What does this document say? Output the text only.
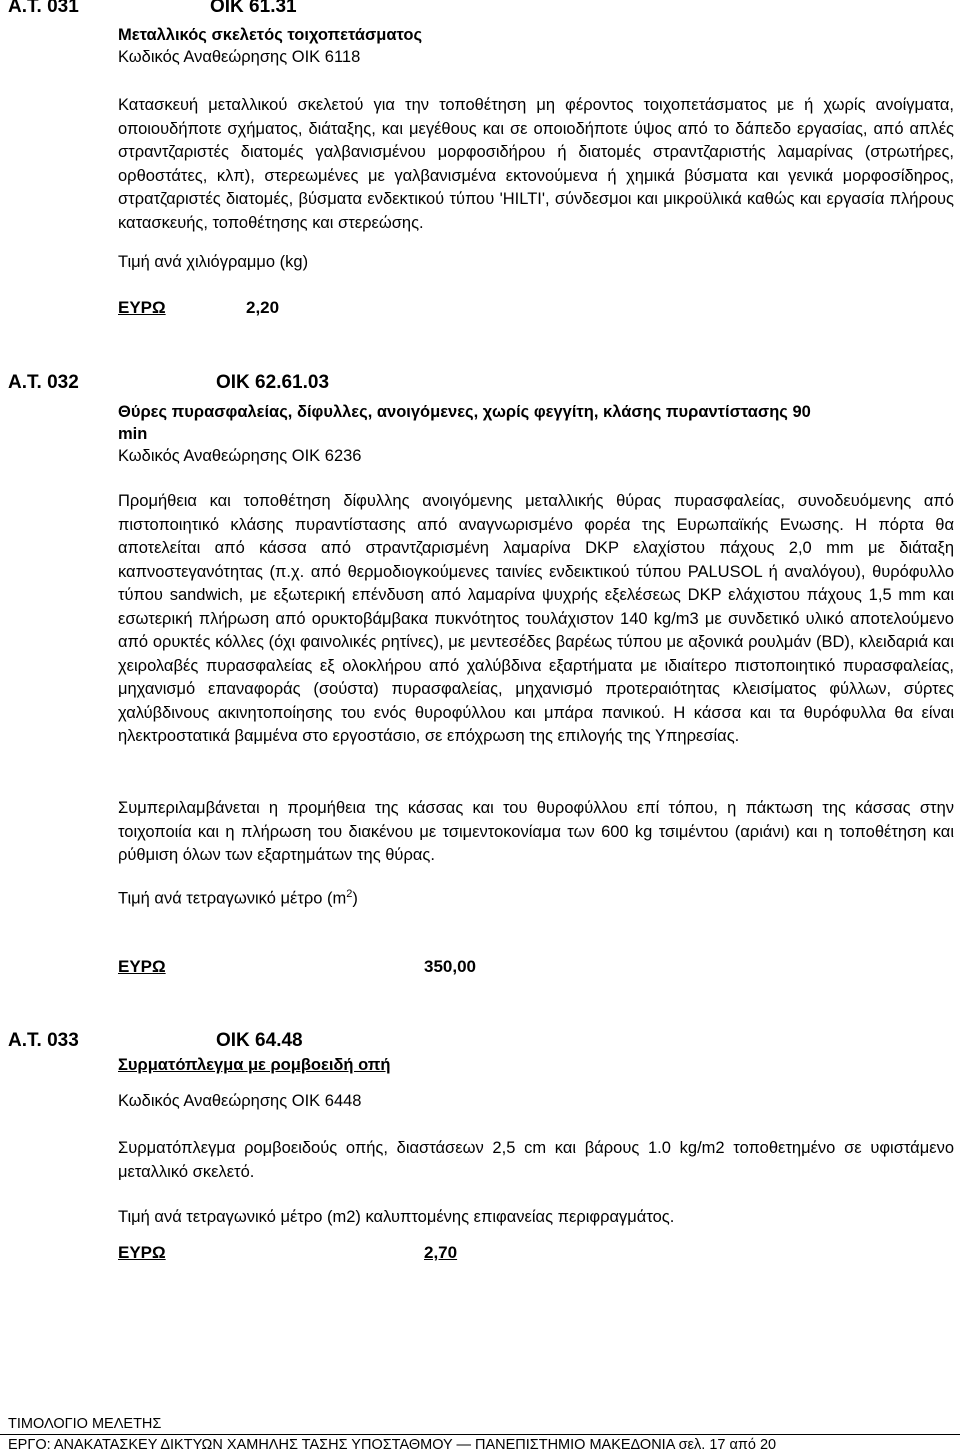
Α.Τ. 031	ΟΙΚ 61.31
Μεταλλικός σκελετός τοιχοπετάσματος
Κωδικός Αναθεώρησης ΟΙΚ 6118

Κατασκευή μεταλλικού σκελετού για την τοποθέτηση μη φέροντος τοιχοπετάσματος με ή χωρίς ανοίγματα, οποιουδήποτε σχήματος, διάταξης, και μεγέθους και σε οποιοδήποτε ύψος από το δάπεδο εργασίας, από απλές στραντζαριστές διατομές γαλβανισμένου μορφοσιδήρου ή διατομές στραντζαριστής λαμαρίνας (στρωτήρες, ορθοστάτες, κλπ), στερεωμένες με γαλβανισμένα εκτονούμενα ή χημικά βύσματα και γενικά μορφοσίδηρος, στρατζαριστές διατομές, βύσματα ενδεκτικού τύπου 'HILTI', σύνδεσμοι και μικροϋλικά καθώς και εργασία πλήρους κατασκευής, τοποθέτησης και στερεώσης.

Τιμή ανά χιλιόγραμμο (kg)
ΕΥΡΩ	2,20
Α.Τ. 032	ΟΙΚ 62.61.03
Θύρες πυρασφαλείας, δίφυλλες, ανοιγόμενες, χωρίς φεγγίτη, κλάσης πυραντίστασης 90
min
Κωδικός Αναθεώρησης ΟΙΚ 6236

Προμήθεια και τοποθέτηση δίφυλλης ανοιγόμενης μεταλλικής θύρας πυρασφαλείας, συνοδευόμενης από πιστοποιητικό κλάσης πυραντίστασης από αναγνωρισμένο φορέα της Ευρωπαϊκής Ενωσης. Η πόρτα θα αποτελείται από κάσσα από στραντζαρισμένη λαμαρίνα DKP ελαχίστου πάχους 2,0 mm με διάταξη καπνοστεγανότητας (π.χ. από θερμοδιογκούμενες ταινίες ενδεικτικού τύπου PALUSOL ή αναλόγου), θυρόφυλλο τύπου sandwich, με εξωτερική επένδυση από λαμαρίνα ψυχρής εξελέσεως DKP ελάχιστου πάχους 1,5 mm και εσωτερική πλήρωση από ορυκτοβάμβακα πυκνότητος τουλάχιστον 140 kg/m3 με συνδετικό υλικό αποτελούμενο από ορυκτές κόλλες (όχι φαινολικές ρητίνες), με μεντεσέδες βαρέως τύπου με αξονικά ρουλμάν (BD), κλειδαριά και χειρολαβές πυρασφαλείας εξ ολοκλήρου από χαλύβδινα εξαρτήματα με ιδιαίτερο πιστοποιητικό πυρασφαλείας, μηχανισμό επαναφοράς (σούστα) πυρασφαλείας, μηχανισμό προτεραιότητας κλεισίματος φύλλων, σύρτες χαλύβδινους ακινητοποίησης του ενός θυροφύλλου και μπάρα πανικού. Η κάσσα και τα θυρόφυλλα θα είναι ηλεκτροστατικά βαμμένα στο εργοστάσιο, σε επόχρωση της επιλογής της Υπηρεσίας.

Συμπεριλαμβάνεται η προμήθεια της κάσσας και του θυροφύλλου επί τόπου, η πάκτωση της κάσσας στην τοιχοποιία και η πλήρωση του διακένου με τσιμεντοκονίαμα των 600 kg τσιμέντου (αριάνι) και η τοποθέτηση και ρύθμιση όλων των εξαρτημάτων της θύρας.

Τιμή ανά τετραγωνικό μέτρο $(m^2)$
ΕΥΡΩ	350,00
Α.Τ. 033	ΟΙΚ 64.48
Συρματόπλεγμα με ρομβοειδή οπή
Κωδικός Αναθεώρησης ΟΙΚ 6448

Συρματόπλεγμα ρομβοειδούς οπής, διαστάσεων 2,5 cm και βάρους 1.0 kg/m2 τοποθετημένο σε υφιστάμενο μεταλλικό σκελετό.

Τιμή ανά τετραγωνικό μέτρο (m2) καλυπτομένης επιφανείας περιφραγμάτος.
ΕΥΡΩ	2,70
ΤΙΜΟΛΟΓΙΟ ΜΕΛΕΤΗΣ
ΕΡΓΟ: ΑΝΑΚΑΤΑΣΚΕΥ ΔΙΚΤΥΩΝ ΧΑΜΗΛΗΣ ΤΑΣΗΣ ΥΠΟΣΤΑΘΜΟΥ — ΠΑΝΕΠΙΣΤΗΜΙΟ ΜΑΚΕΔΟΝΙΑ σελ. 17 από 20
